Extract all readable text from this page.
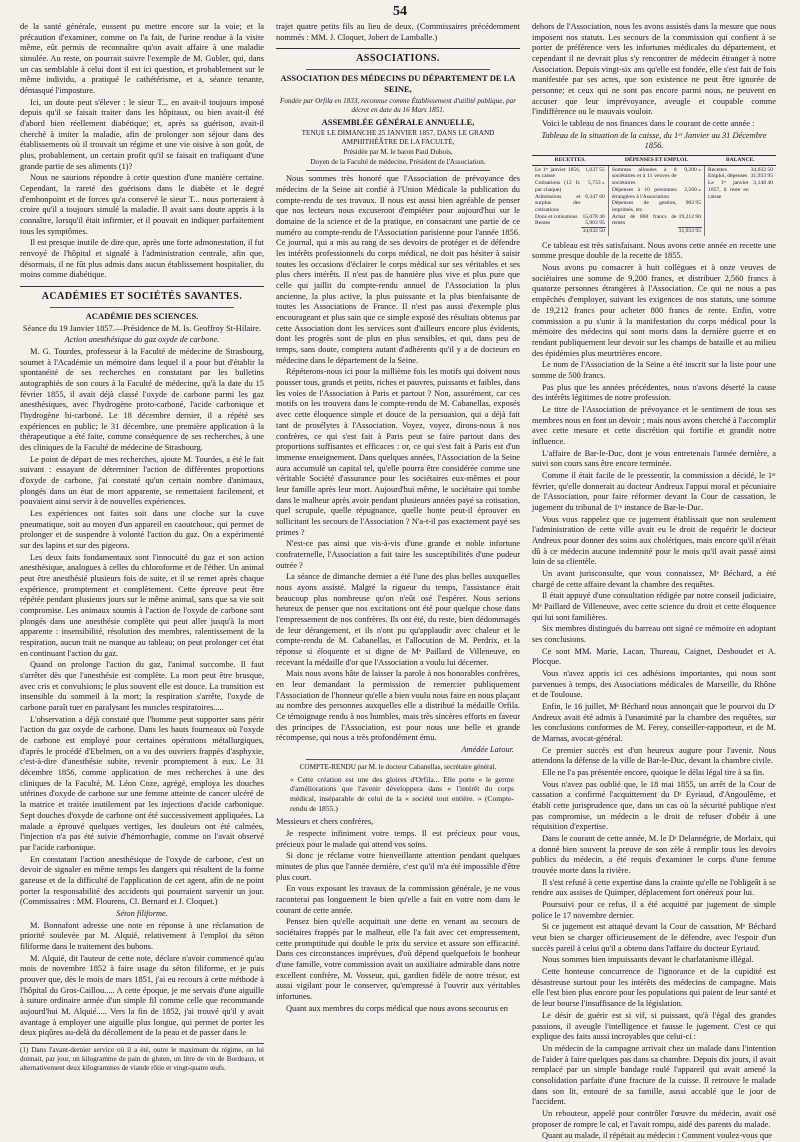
54

de la santé générale, eussent pu mettre encore sur la voie; et la précaution d'examiner, comme on l'a fait, de l'urine rendue à la visite même, eût permis de reconnaître qu'on avait affaire à une maladie simulée. Au reste, on pourrait suivre l'exemple de M. Gubler, qui, dans un cas semblable à celui dont il est ici question, et probablement sur le même individu, a pratiqué le cathétérisme, et a, séance tenante, démasqué l'imposture.

Ici, un doute peut s'élever : le sieur T... en avait-il toujours imposé depuis qu'il se faisait traiter dans les hôpitaux, ou bien avait-il été d'abord bien réellement diabétique; et, après sa guérison, avait-il cherché à imiter la maladie, afin de prolonger son séjour dans des établissements où il trouvait un régime et une vie oisive à son goût, de plus, probablement, un certain profit qu'il se faisait en trafiquant d'une grande partie de ses aliments (1)?

Nous ne saurions répondre à cette question d'une manière certaine. Cependant, la rareté des guérisons dans le diabète et le degré d'embonpoint et de forces qu'a conservé le sieur T... nous porteraient à croire qu'il a toujours simulé la maladie. Il avait sans doute appris à la connaître, lorsqu'il était infirmier, et il pouvait en indiquer parfaitement tous les symptômes.

Il est presque inutile de dire que, après une forte admonestation, il fut renvoyé de l'hôpital et signalé à l'administration centrale, afin que, désormais, il ne fût plus admis dans aucun établissement hospitalier, du moins comme diabétique.

ACADÉMIES ET SOCIÉTÉS SAVANTES.
ACADÉMIE DES SCIENCES.

Séance du 19 Janvier 1857.—Présidence de M. Is. Geoffroy St-Hilaire.

Action anesthésique du gaz oxyde de carbone.

M. G. Tourdes, professeur à la Faculté de médecine de Strasbourg, soumet à l'Académie un mémoire dans lequel il a pour but d'établir la spontanéité de ses recherches en constatant par les bulletins autographiés de son cours à la Faculté de médecine, qu'à la date du 15 février 1855, il avait déjà classé l'oxyde de carbone parmi les gaz anesthésiques, avec l'hydrogène proto-carboné, l'acide carbonique et l'hydrogène bi-carboné. Le 18 décembre dernier, il a répété ses expériences en public; le 31 décembre, une première application à la thérapeutique a été faite, comme conséquence de ses recherches, à une des cliniques de la Faculté de médecine de Strasbourg.

Le point de départ de mes recherches, ajoute M. Tourdes, a été le fait suivant : essayant de déterminer l'action de différentes proportions d'oxyde de carbone, j'ai constaté qu'un certain nombre d'animaux, plongés dans un état de mort apparente, se remettaient facilement, et pouvaient ainsi servir à de nouvelles expériences.

Les expériences ont faites soit dans une cloche sur la cuve pneumatique, soit au moyen d'un appareil en caoutchouc, qui permet de prolonger et de suspendre à volonté l'action du gaz. On a expérimenté sur des lapins et sur des pigeons.

Les deux faits fondamentaux sont l'innocuité du gaz et son action anesthésique, analogues à celles du chloroforme et de l'éther. Un animal peut être anesthésié plusieurs fois de suite, et il se remet après chaque expérience, promptement et complètement. Cette épreuve peut être répétée pendant plusieurs jours sur le même animal, sans que sa vie soit compromise. Les animaux soumis à l'action de l'oxyde de carbone sont plongés dans une anesthésie complète qui peut aller jusqu'à la mort apparente : insensibilité, résolution des membres, ralentissement de la respiration, aucun trait ne manque au tableau; on peut prolonger cet état en continuant l'action du gaz.

Quand on prolonge l'action du gaz, l'animal succombe. Il faut s'arrêter dès que l'anesthésie est complète. La mort peut être brusque, avec cris et convulsions; le plus souvent elle est douce. La transition est insensible du sommeil à la mort; la respiration s'arrête, l'oxyde de carbone paraît tuer en paralysant les muscles respiratoires.....

L'observation a déjà constaté que l'homme peut supporter sans périr l'action du gaz oxyde de carbone. Dans les hauts fourneaux où l'oxyde de carbone est employé pour certaines opérations métallurgiques, d'après le procédé d'Ebelmen, on a vu des ouvriers frappés d'asphyxie, c'est-à-dire d'anesthésie subite, revenir promptement à eux. Le 31 décembre 1856, comme application de mes recherches à une des cliniques de la Faculté, M. Léon Coze, agrégé, employa les douches utérines d'oxyde de carbone sur une femme atteinte de cancer ulcéré de la matrice et traitée inutilement par les injections d'acide carbonique. Sept douches d'oxyde de carbone ont été successivement appliquées. La malade a éprouvé quelques vertiges, les douleurs ont été calmées, l'injection n'a pas été suivie d'hémorrhagie, comme on l'avait observé par l'acide carbonique.

En constatant l'action anesthésique de l'oxyde de carbone, c'est un devoir de signaler en même temps les dangers qui résultent de la forme gazeuse et de la difficulté de l'application de cet agent, afin de ne point porter la responsabilité des accidents qui pourraient survenir un jour. (Commissaires : MM. Flourens, Cl. Bernard et J. Cloquet.)

Séton filiforme.

M. Bonnafont adresse une note en réponse à une réclamation de priorité soulevée par M. Alquié, relativement à l'emploi du séton filiforme dans le traitement des bubons.

M. Alquié, dit l'auteur de cette note, déclare n'avoir commencé qu'au mois de novembre 1852 à faire usage du séton filiforme, et je puis prouver que, dès le mois de mars 1851, j'ai eu recours à cette méthode à l'hôpital du Gros-Caillou..... A cette époque, je me servais d'une aiguille à suture ordinaire armée d'un simple fil comme celle que recommande aujourd'hui M. Alquié..... Vers la fin de 1852, j'ai trouvé qu'il y avait avantage à employer une aiguille plus longue, qui permet de porter les deux piqûres au-delà du décollement de la peau et de passer dans le

(1) Dans l'avant-dernier service où il a été, outre le maximum du régime, on lui donnait, par jour, un kilogramme de pain de gluten, un litre de vin de Bordeaux, et alternativement deux kilogrammes de viande rôtie et vingt-quatre œufs.

trajet quatre petits fils au lieu de deux. (Commissaires précédemment nommés : MM. J. Cloquet, Jobert de Lamballe.)

ASSOCIATIONS.
ASSOCIATION DES MÉDECINS DU DÉPARTEMENT DE LA SEINE,

Fondée par Orfila en 1833, reconnue comme Établissement d'utilité publique, par décret en date du 16 Mars 1851.

ASSEMBLÉE GÉNÉRALE ANNUELLE,

TENUE LE DIMANCHE 25 JANVIER 1857, DANS LE GRAND AMPHITHÉÂTRE DE LA FACULTÉ,

Présidée par M. le baron Paul Dubois,

Doyen de la Faculté de médecine, Président de l'Association.

Nous sommes très honoré que l'Association de prévoyance des médecins de la Seine ait confié à l'Union Médicale la publication du compte-rendu de ses travaux. Il nous est aussi bien agréable de penser que nos lecteurs nous excuseront d'empiéter pour aujourd'hui sur le domaine de la science et de la pratique, en consacrant une partie de ce numéro au compte-rendu de l'Association parisienne pour l'année 1856. Ce journal, qui a mis au rang de ses devoirs de protéger et de défendre les intérêts professionnels du corps médical, ne doit pas hésiter à saisir toutes les occasions d'éclairer le corps médical sur ses véritables et ses plus chers intérêts. Il n'est pas de bannière plus vive et plus pure que celle qui jaillit du compte-rendu annuel de l'Association la plus ancienne, la plus active, la plus puissante et la plus bienfaisante de toutes les Associations de France. Il n'est pas aussi d'exemple plus encourageant et plus sain que ce simple exposé des résultats obtenus par cette Association dont les services sont d'ailleurs encore plus évidents, dont les progrès sont de plus en plus sensibles, et qui, dans peu de temps, sans doute, comptera autant d'adhérents qu'il y a de docteurs en médecine dans le département de la Seine.

Répéterons-nous ici pour la millième fois les motifs qui doivent nous pousser tous, grands et petits, riches et pauvres, puissants et faibles, dans les voies de l'Association à Paris et partout ? Non, assurément, car ces motifs on les trouvera dans le compte-rendu de M. Cabanellas, exposés avec cette éloquence simple et douce de la persuasion, qui a déjà fait tant de prosélytes à l'Association. Voyez, voyez, dirons-nous à nos confrères, ce qui s'est fait à Paris peut se faire partout dans des proportions suffisantes et efficaces : or, ce qui s'est fait à Paris est d'un immense enseignement. Dans quelques années, l'Association de la Seine aura accumulé un capital tel, qu'elle pourra être considérée comme une véritable Société d'assurance pour les sociétaires eux-mêmes et pour leur famille après leur mort. Aujourd'hui même, le sociétaire qui tombe dans le malheur après avoir pendant plusieurs années payé sa cotisation, quel scrupule, quelle répugnance, quelle honte peut-il éprouver en sollicitant les secours de l'Association ? N'a-t-il pas exactement payé ses primes ?

N'est-ce pas ainsi que vis-à-vis d'une grande et noble infortune confraternelle, l'Association a fait taire les susceptibilités d'une pudeur outrée ?

La séance de dimanche dernier a été l'une des plus belles auxquelles nous ayons assisté. Malgré la rigueur du temps, l'assistance était beaucoup plus nombreuse qu'on n'eût osé l'espérer. Nous serions heureux de penser que nos excitations ont été pour quelque chose dans l'empressement de nos confrères. Ils ont été, du reste, bien dédommagés de leur dérangement, et ils n'ont pu qu'applaudir avec chaleur et le compte-rendu de M. Cabanellas, et l'allocution de M. Perdrix, et la réponse si éloquente et si digne de Mᵉ Paillard de Villeneuve, en recevant la médaille d'or que l'Association a voulu lui décerner.

Mais nous avons hâte de laisser la parole à nos honorables confrères, en leur demandant la permission de remercier publiquement l'Association de l'honneur qu'elle a bien voulu nous faire en nous plaçant au nombre des personnes auxquelles elle a distribué la médaille Orfila. Ce témoignage rendu à nos humbles, mais très sincères efforts en faveur des principes de l'Association, est pour nous une belle et grande récompense, qui nous a très profondément ému.

Amédée Latour.

COMPTE-RENDU par M. le docteur Cabanellas, secrétaire général.

« Cette création est une des gloires d'Orfila... Elle porte « le germe d'améliorations que l'avenir développera dans « l'intérêt du corps médical, inséparable de celui de la « société tout entière. » (Compte-rendu de 1855.)

Messieurs et chers confrères,

Je respecte infiniment votre temps. Il est précieux pour vous, précieux pour le malade qui attend vos soins.

Si donc je réclame votre bienveillante attention pendant quelques minutes de plus que l'année dernière, c'est qu'il m'a été impossible d'être plus court.

En vous exposant les travaux de la commission générale, je ne vous raconterai pas longuement le bien qu'elle a fait en votre nom dans le courant de cette année.

Pensez bien qu'elle acquittait une dette en venant au secours de sociétaires frappés par le malheur, elle l'a fait avec cet empressement, cette promptitude qui double le prix du service et assure son efficacité. Dans ces circonstances imprévues, d'où dépend quelquefois le bonheur d'une famille, votre commission avait un auxiliaire admirable dans notre excellent confrère, M. Vosseur, qui, gardien fidèle de notre trésor, est aussi vigilant pour le conserver, qu'empressé à l'ouvrir aux véritables infortunes.

Quant aux membres du corps médical que nous avons secourus en

dehors de l'Association, nous les avons assistés dans la mesure que nous imposent nos statuts. Les secours de la commission qui confient à se porter de préférence vers les infortunes médicales du département, et cependant il ne devrait plus s'y rencontrer de médecin étranger à notre Association. Depuis vingt-six ans qu'elle est fondée, elle s'est fait de fois manifestée par ses actes, que son existence ne peut être ignorée de personne; et ceux qui ne sont pas encore parmi nous, ne peuvent en accuser que leur imprévoyance, aveugle et coupable comme l'indifférence ou le mauvais vouloir.

Voici le tableau de nos finances dans le courant de cette année :

Tableau de la situation de la caisse, du 1ᵉʳ Janvier au 31 Décembre 1856.

RECETTES.	DÉPENSES ET EMPLOI.	BALANCE.

Le 1ᵉʳ janvier 1856, en caisse	1,037 55
Cotisations (12 fr. par chaque)	5,733 »
Admissions et surplus des cotisations	6,347 60
Dons et cotisations	15,078 40
Rentes	5,903 95
	34,032 50

Sommes allouées à 8 sociétaires et à 11 veuves de sociétaires	9,200 »
Dépenses à 10 personnes étrangères à l'Association	2,560 »
Dépenses de gestion, imprimés, etc.	903 95
Achat de 800 francs de rentes	19,212 90
	31,933 95

Recettes	34,032 50
Emploi, dépenses	31,933 95
Le 1ᵉʳ janvier 1857, il reste en caisse	3,148 40

Ce tableau est très satisfaisant. Nous avons cette année en recette une somme presque double de la recette de 1855.

Nous avons pu consacrer à huit collègues et à onze veuves de sociétaires une somme de 9,200 francs, et distribuer 2,560 francs à quatorze personnes étrangères à l'Association. Ce qui ne nous a pas empêchés d'employer, suivant les exigences de nos statuts, une somme de 19,212 francs pour acheter 800 francs de rente. Enfin, votre commission a pu s'unir à la manifestation du corps médical pour la mémoire des médecins qui sont morts dans la dernière guerre et en rendant publiquement leur devoir sur les champs de bataille et au milieu des épidémies plus meurtrières encore.

Le nom de l'Association de la Seine a été inscrit sur la liste pour une somme de 500 francs.

Pas plus que les années précédentes, nous n'avons déserté la cause des intérêts légitimes de notre profession.

Le titre de l'Association de prévoyance et le sentiment de tous ses membres nous en font un devoir ; mais nous avons cherché à l'accomplir avec cette mesure et cette discrétion qui fortifie et grandit notre influence.

L'affaire de Bar-le-Duc, dont je vous entretenais l'année dernière, a suivi son cours sans être encore terminée.

Comme il était facile de le pressentir, la commission a décidé, le 1ᵉʳ février, qu'elle donnerait au docteur Andreux l'appui moral et pécuniaire de l'Association, pour faire réformer devant la Cour de cassation, le jugement du tribunal de 1ʳᵉ instance de Bar-le-Duc.

Vous vous rappelez que ce jugement établissait que non seulement l'administration de cette ville avait eu le droit de requérir le docteur Andreux pour donner des soins aux cholériques, mais encore qu'il n'était dû à ce médecin aucune indemnité pour le mois qu'il avait passé ainsi loin de sa clientèle.

Un avant jurisconsulte, que vous connaissez, Mᵉ Béchard, a été chargé de cette affaire devant la chambre des requêtes.

Il était appuyé d'une consultation rédigée par notre conseil judiciaire, Mᵉ Paillard de Villeneuve, avec cette science du droit et cette éloquence qui lui sont familières.

Six membres distingués du barreau ont signé ce mémoire en adoptant ses conclusions.

Ce sont MM. Marie, Lacan, Thureau, Caignet, Desboudet et A. Plocque.

Vous n'avez appris ici ces adhésions importantes, qui nous sont parvenues à temps, des Associations médicales de Marseille, du Rhône et de Toulouse.

Enfin, le 16 juillet, Mᵉ Béchard nous annonçait que le pourvoi du Dʳ Andreux avait été admis à l'unanimité par la chambre des requêtes, sur les conclusions conformes de M. Ferey, conseiller-rapporteur, et de M. de Marnas, avocat-général.

Ce premier succès est d'un heureux augure pour l'avenir. Nous attendons la défense de la ville de Bar-le-Duc, devant la chambre civile.

Elle ne l'a pas présentée encore, quoique le délai légal tire à sa fin.

Vous n'avez pas oublié que, le 18 mai 1855, un arrêt de la Cour de cassation a confirmé l'acquittement du Dʳ Eyriaud, d'Angoulême, et établi cette jurisprudence que, dans un cas où la sécurité publique n'est pas compromise, un médecin a le droit de refuser d'obéir à une réquisition d'expertise.

Dans le courant de cette année, M. le Dʳ Delannégrie, de Morlaix, qui a donné bien souvent la preuve de son zèle à remplir tous les devoirs publics du médecin, a été requis d'examiner le corps d'une femme trouvée morte dans la rivière.

Il s'est refusé à cette expertise dans la crainte qu'elle ne l'obligeât à se rendre aux assises de Quimper, déplacement fort onéreux pour lui.

Poursuivi pour ce refus, il a été acquitté par jugement de simple police le 17 novembre dernier.

Si ce jugement est attaqué devant la Cour de cassation, Mᵉ Béchard veut bien se charger officieusement de le défendre, avec l'espoir d'un succès pareil à celui qu'il a obtenu dans l'affaire du docteur Eyriaud.

Nous sommes bien impuissants devant le charlatanisme illégal.

Cette honteuse concurrence de l'ignorance et de la cupidité est désastreuse surtout pour les intérêts des médecins de campagne. Mais elle l'est bien plus encore pour les populations qui paient de leur santé et de leur bourse l'insuffisance de la législation.

Le désir de guérir est si vif, si puissant, qu'à l'égal des grandes passions, il aveugle l'intelligence et fausse le jugement. C'est ce qui explique des faits aussi incroyables que celui-ci :

Un médecin de la campagne arrivait chez un malade dans l'intention de l'aider à faire quelques pas dans sa chambre. Depuis dix jours, il avait remplacé par un simple bandage roulé l'appareil qui avait amené la consolidation parfaite d'une fracture de la cuisse. Il retrouve le malade dans son lit, entouré de sa famille, aussi accablé que le jour de l'accident.

Un rebouteur, appelé pour contrôler l'œuvre du médecin, avait osé proposer de rompre le cal, et l'avait rompu, aidé des parents du malade.

Quant au malade, il répétait au médecin : Comment voulez-vous que
